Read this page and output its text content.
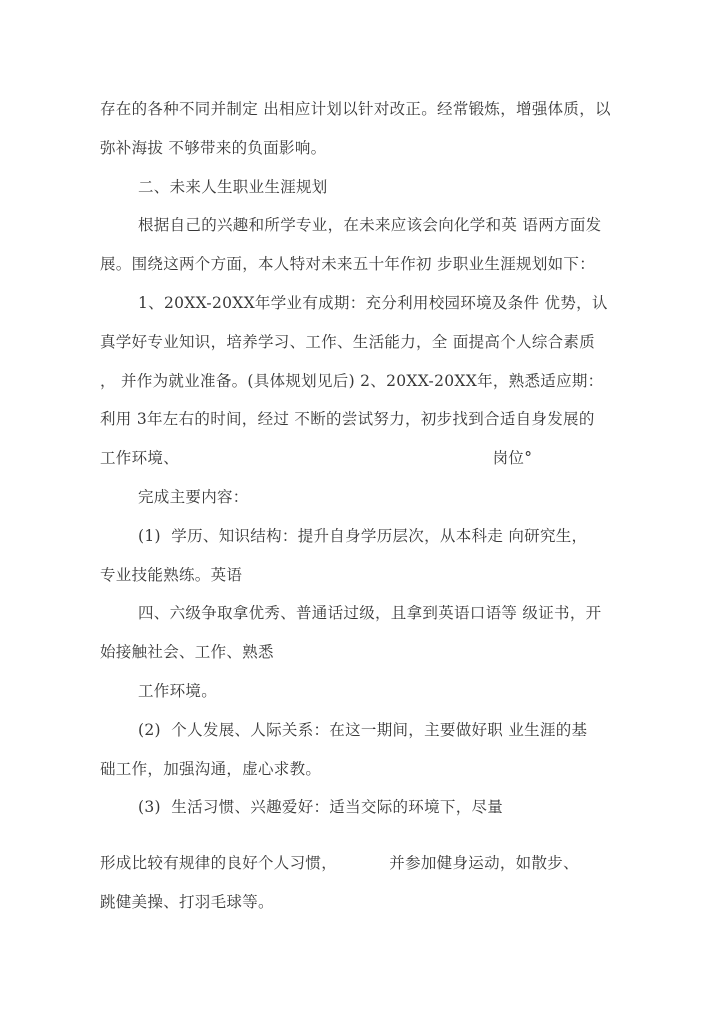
存在的各种不同并制定 出相应计划以针对改正。经常锻炼，增强体质，以
弥补海拔 不够带来的负面影响。
二、未来人生职业生涯规划
根据自己的兴趣和所学专业，在未来应该会向化学和英 语两方面发
展。围绕这两个方面，本人特对未来五十年作初 步职业生涯规划如下：
1、20XX-20XX年学业有成期：充分利用校园环境及条件 优势，认
真学好专业知识，培养学习、工作、生活能力，全 面提高个人综合素质
， 并作为就业准备。(具体规划见后) 2、20XX-20XX年，熟悉适应期：
利用 3年左右的时间，经过 不断的尝试努力，初步找到合适自身发展的
工作环境、                                                            岗位°
完成主要内容：
(1)  学历、知识结构：提升自身学历层次，从本科走 向研究生，
专业技能熟练。英语
四、六级争取拿优秀、普通话过级，且拿到英语口语等 级证书，开
始接触社会、工作、熟悉
工作环境。
(2)  个人发展、人际关系：在这一期间，主要做好职 业生涯的基
础工作，加强沟通，虚心求教。
(3)  生活习惯、兴趣爱好：适当交际的环境下，尽量
形成比较有规律的良好个人习惯，          并参加健身运动，如散步、
跳健美操、打羽毛球等。
